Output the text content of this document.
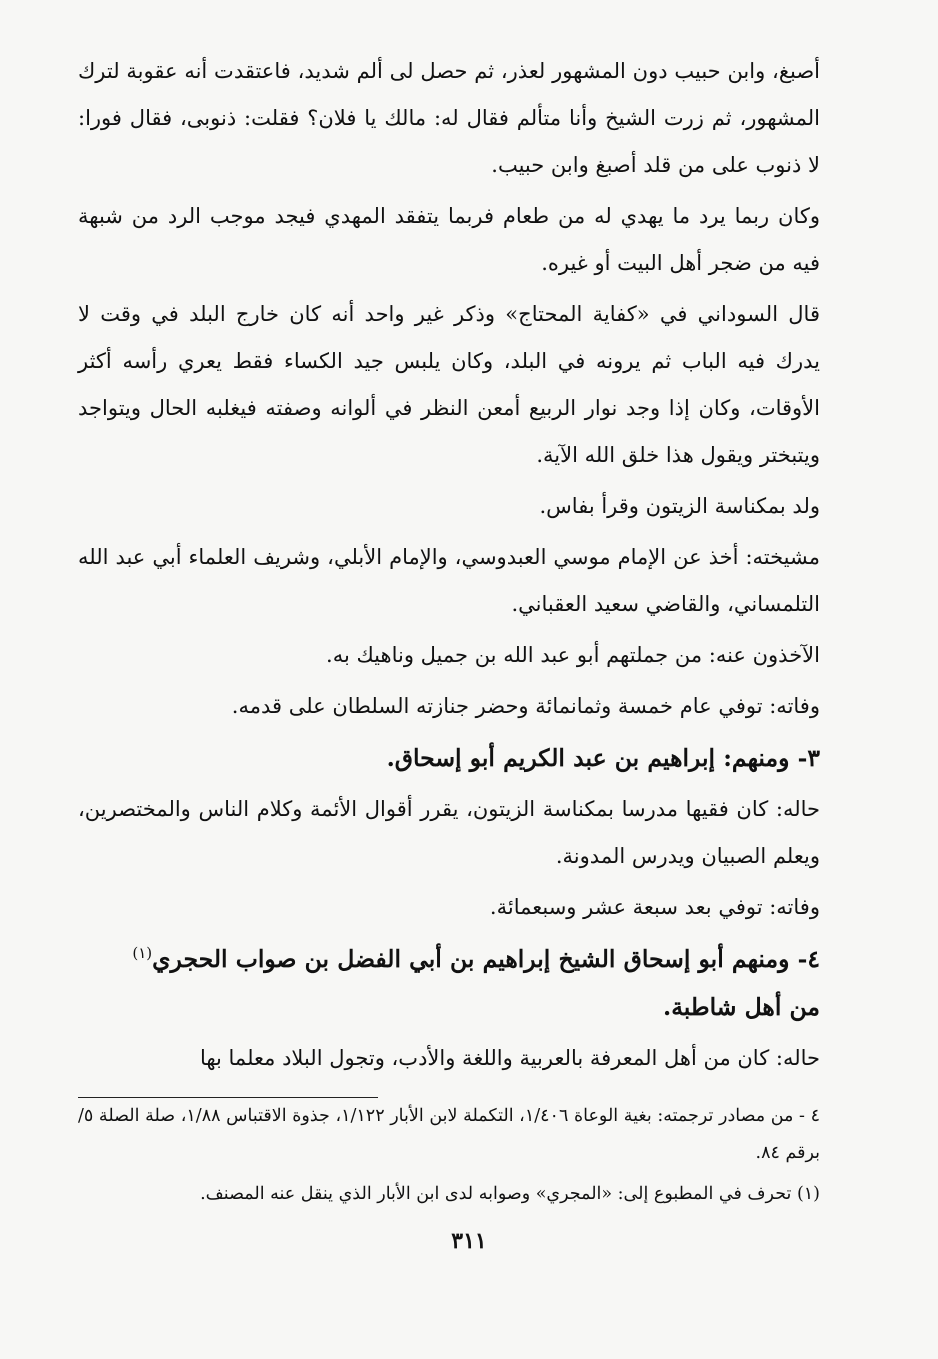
أصبغ، وابن حبيب دون المشهور لعذر، ثم حصل لى ألم شديد، فاعتقدت أنه عقوبة لترك المشهور، ثم زرت الشيخ وأنا متألم فقال له: مالك يا فلان؟ فقلت: ذنوبى، فقال فورا: لا ذنوب على من قلد أصبغ وابن حبيب.

وكان ربما يرد ما يهدي له من طعام فربما يتفقد المهدي فيجد موجب الرد من شبهة فيه من ضجر أهل البيت أو غيره.

قال السوداني في «كفاية المحتاج» وذكر غير واحد أنه كان خارج البلد في وقت لا يدرك فيه الباب ثم يرونه في البلد، وكان يلبس جيد الكساء فقط يعري رأسه أكثر الأوقات، وكان إذا وجد نوار الربيع أمعن النظر في ألوانه وصفته فيغلبه الحال ويتواجد ويتبختر ويقول هذا خلق الله الآية.

ولد بمكناسة الزيتون وقرأ بفاس.

مشيخته: أخذ عن الإمام موسي العبدوسي، والإمام الأبلي، وشريف العلماء أبي عبد الله التلمساني، والقاضي سعيد العقباني.

الآخذون عنه: من جملتهم أبو عبد الله بن جميل وناهيك به.

وفاته: توفي عام خمسة وثمانمائة وحضر جنازته السلطان على قدمه.

٣- ومنهم: إبراهيم بن عبد الكريم أبو إسحاق.

حاله: كان فقيها مدرسا بمكناسة الزيتون، يقرر أقوال الأئمة وكلام الناس والمختصرين، ويعلم الصبيان ويدرس المدونة.

وفاته: توفي بعد سبعة عشر وسبعمائة.

٤- ومنهم أبو إسحاق الشيخ إبراهيم بن أبي الفضل بن صواب الحجري$^{(١)}$
من أهل شاطبة.

حاله: كان من أهل المعرفة بالعربية واللغة والأدب، وتجول البلاد معلما بها

٤ - من مصادر ترجمته: بغية الوعاة ١/٤٠٦، التكملة لابن الأبار ١/١٢٢، جذوة الاقتباس ١/٨٨، صلة الصلة ٥/ برقم ٨٤.

(١) تحرف في المطبوع إلى: «المجري» وصوابه لدى ابن الأبار الذي ينقل عنه المصنف.

٣١١
